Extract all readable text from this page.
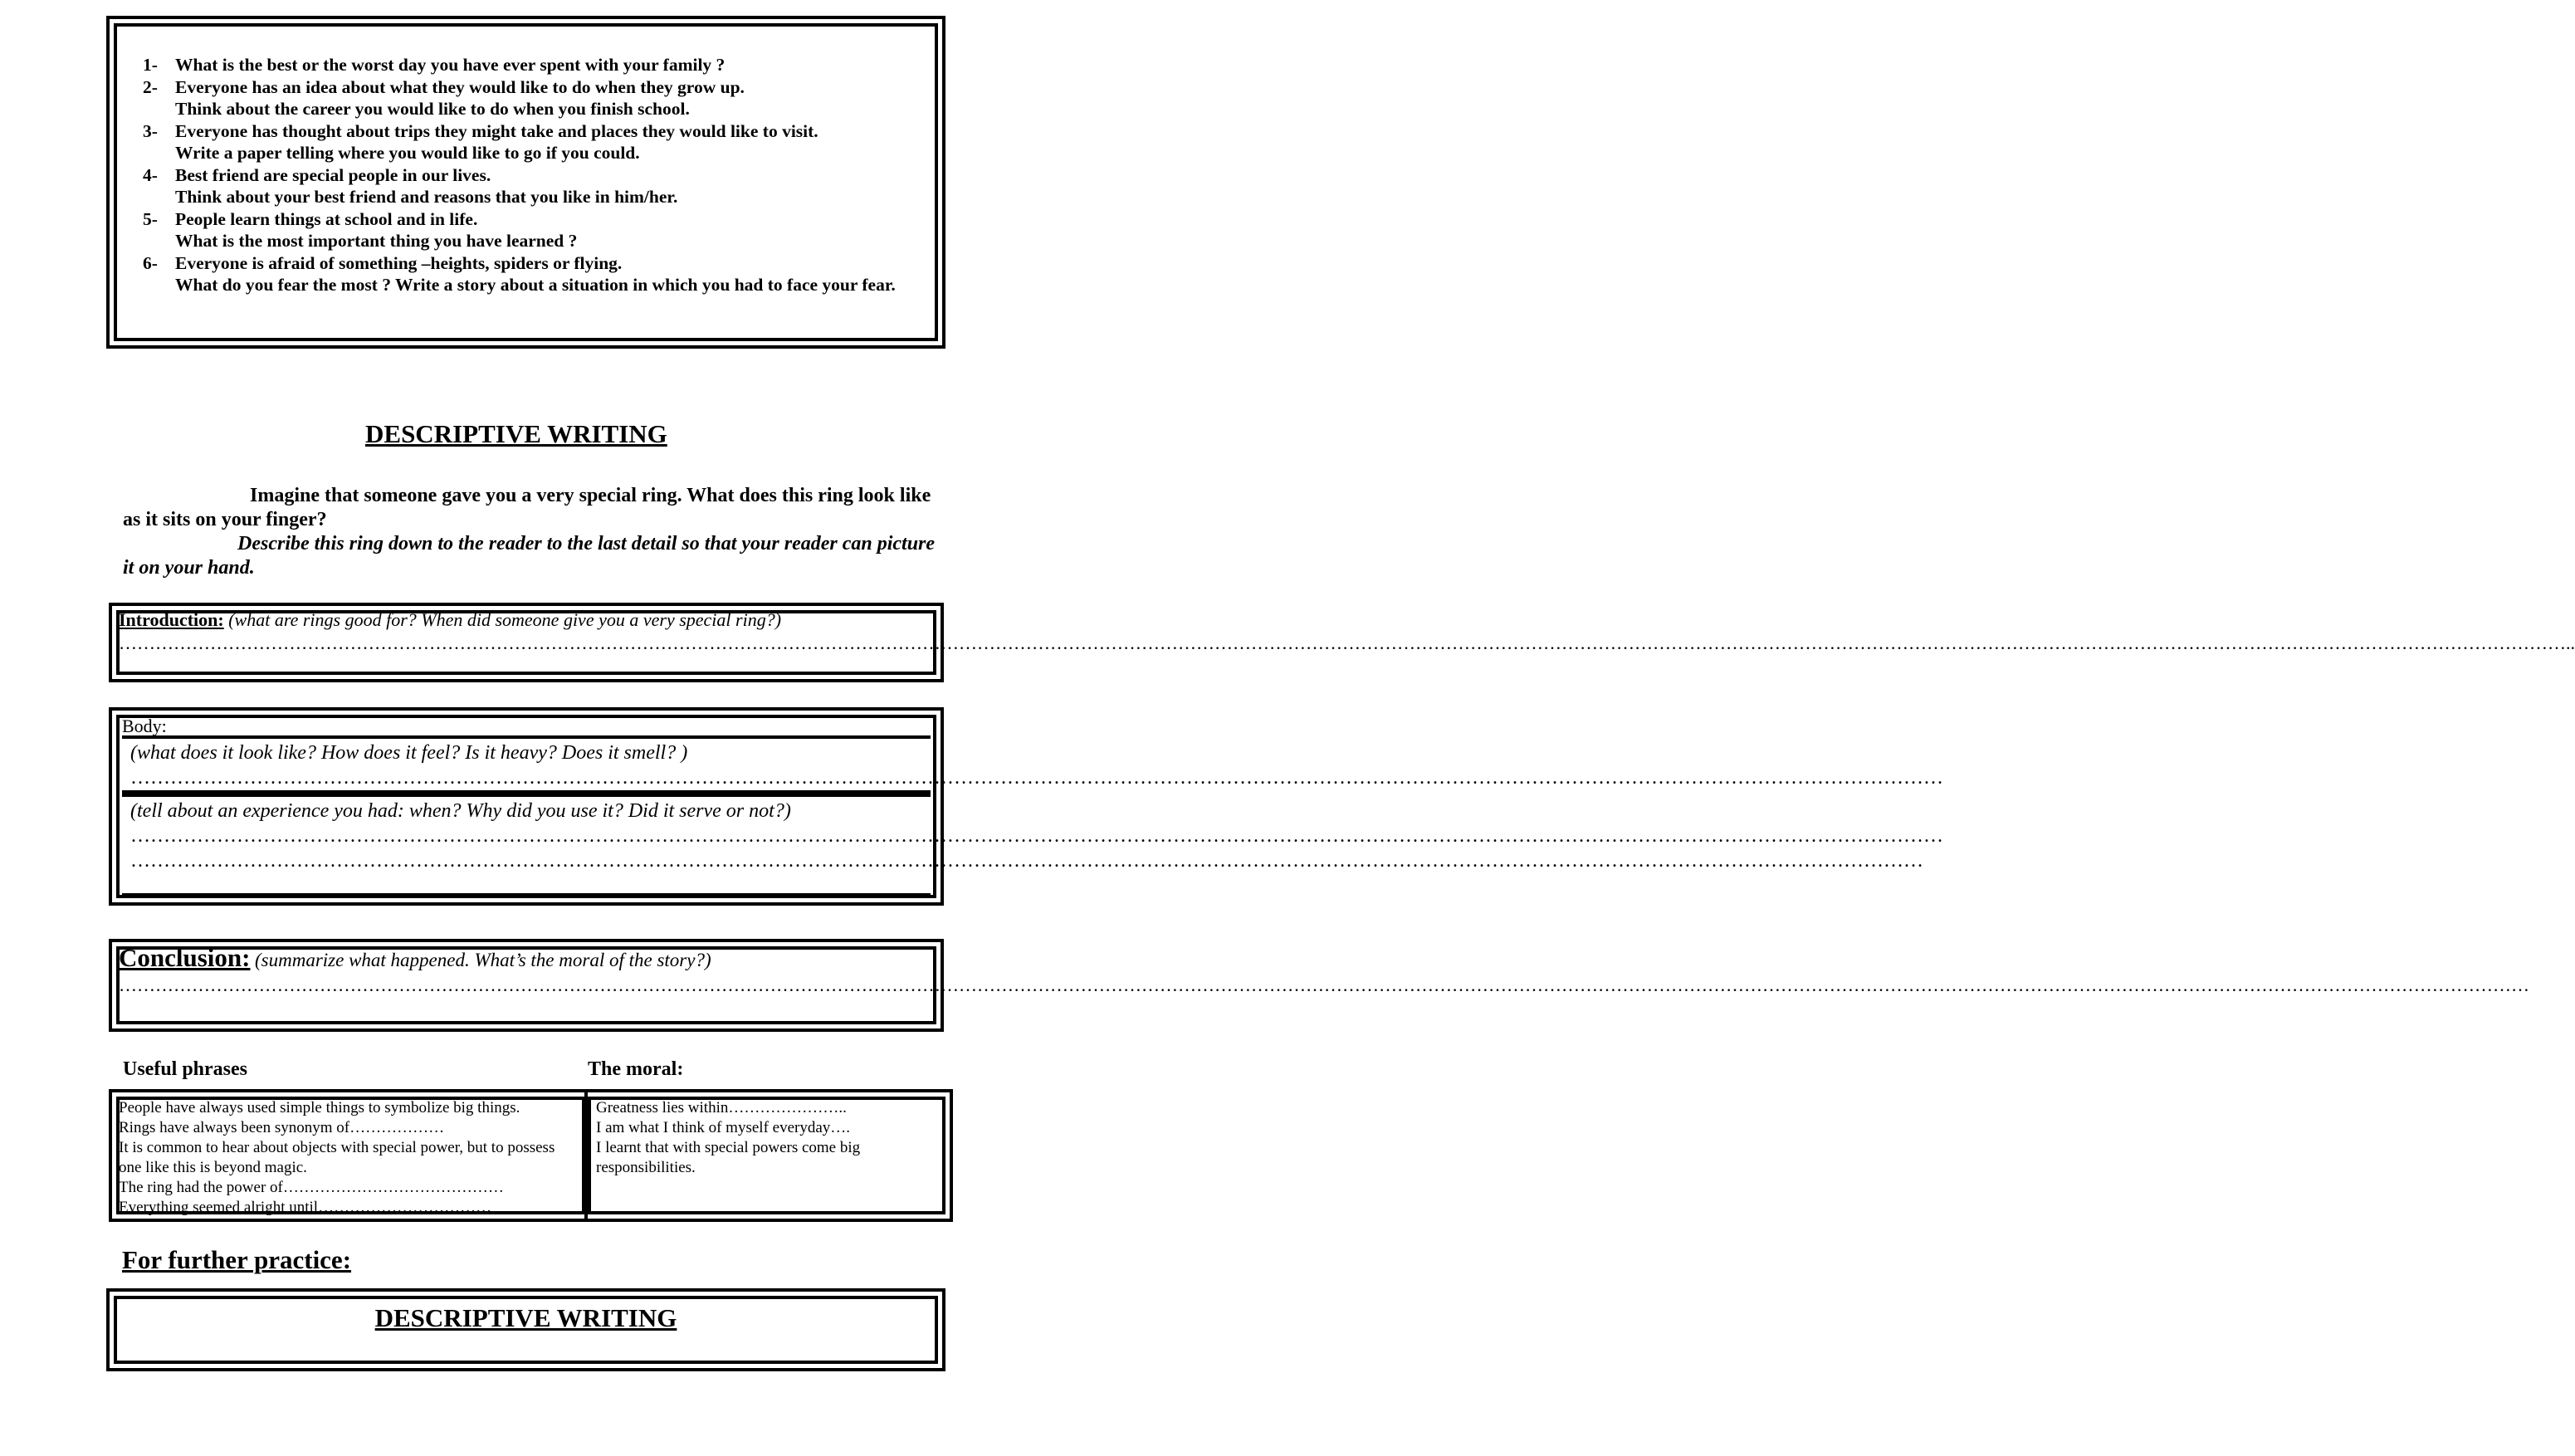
1- What is the best or the worst day you have ever spent with your family ?
2- Everyone has an idea about what they would like to do when they grow up.
Think about the career you would like to do when you finish school.
3- Everyone has thought about trips they might take and places they would like to visit.
Write a paper telling where you would like to go if you could.
4- Best friend are special people in our lives.
Think about your best friend and reasons that you like in him/her.
5- People learn things at school and in life.
What is the most important thing you have learned ?
6- Everyone is afraid of something –heights, spiders or flying.
What do you fear the most ? Write a story about a situation in which you had to face your fear.
DESCRIPTIVE WRITING
Imagine that someone gave you a very special ring. What does this ring look like as it sits on your finger?
Describe this ring down to the reader to the last detail so that your reader can picture it on your hand.
Introduction: (what are rings good for? When did someone give you a very special ring?)
……………………………………………………………………………………………………………………………………………………………………………………………………………………………………………………………………………………………………………………………………………………………………..
Body:
(what does it look like? How does it feel? Is it heavy? Does it smell? )
…………………………………………………………………………………………………………………………………………………………………………………………………………………………………………………
(tell about an experience you had: when? Why did you use it? Did it serve or not?)
…………………………………………………………………………………………………………………………………………………………………………………………………………………………………………………
………………………………………………………………………………………………………………………………………………………………………………………………………………………………………………
Conclusion: (summarize what happened. What’s the moral of the story?)
………………………………………………………………………………………………………………………………………………………………………………………………………………………………………………………………………………………………………………………………………………………………
Useful phrases	The moral:
People have always used simple things to symbolize big things.
Rings have always been synonym of………………
It is common to hear about objects with special power, but to possess one like this is beyond magic.
The ring had the power of……………………………………
Everything seemed alright until……………………………
Greatness lies within…………………..
I am what I think of myself everyday….
I learnt that with special powers come big responsibilities.
For further practice:
DESCRIPTIVE WRITING
